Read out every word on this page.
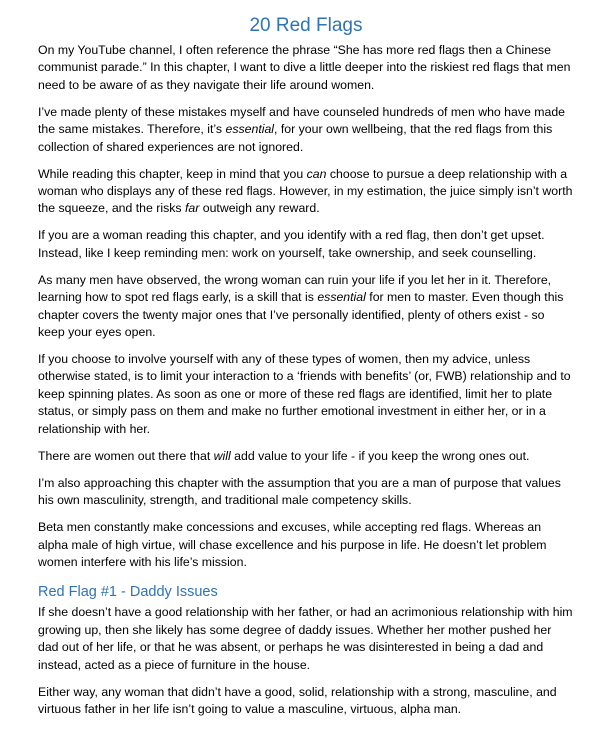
20 Red Flags

On my YouTube channel, I often reference the phrase “She has more red flags then a Chinese communist parade.” In this chapter, I want to dive a little deeper into the riskiest red flags that men need to be aware of as they navigate their life around women.

I’ve made plenty of these mistakes myself and have counseled hundreds of men who have made the same mistakes. Therefore, it’s essential, for your own wellbeing, that the red flags from this collection of shared experiences are not ignored.

While reading this chapter, keep in mind that you can choose to pursue a deep relationship with a woman who displays any of these red flags. However, in my estimation, the juice simply isn’t worth the squeeze, and the risks far outweigh any reward.

If you are a woman reading this chapter, and you identify with a red flag, then don’t get upset. Instead, like I keep reminding men: work on yourself, take ownership, and seek counselling.

As many men have observed, the wrong woman can ruin your life if you let her in it. Therefore, learning how to spot red flags early, is a skill that is essential for men to master. Even though this chapter covers the twenty major ones that I’ve personally identified, plenty of others exist - so keep your eyes open.

If you choose to involve yourself with any of these types of women, then my advice, unless otherwise stated, is to limit your interaction to a ‘friends with benefits’ (or, FWB) relationship and to keep spinning plates. As soon as one or more of these red flags are identified, limit her to plate status, or simply pass on them and make no further emotional investment in either her, or in a relationship with her.

There are women out there that will add value to your life - if you keep the wrong ones out.

I’m also approaching this chapter with the assumption that you are a man of purpose that values his own masculinity, strength, and traditional male competency skills.

Beta men constantly make concessions and excuses, while accepting red flags. Whereas an alpha male of high virtue, will chase excellence and his purpose in life. He doesn’t let problem women interfere with his life’s mission.

Red Flag #1 - Daddy Issues

If she doesn’t have a good relationship with her father, or had an acrimonious relationship with him growing up, then she likely has some degree of daddy issues. Whether her mother pushed her dad out of her life, or that he was absent, or perhaps he was disinterested in being a dad and instead, acted as a piece of furniture in the house.

Either way, any woman that didn’t have a good, solid, relationship with a strong, masculine, and virtuous father in her life isn’t going to value a masculine, virtuous, alpha man.
